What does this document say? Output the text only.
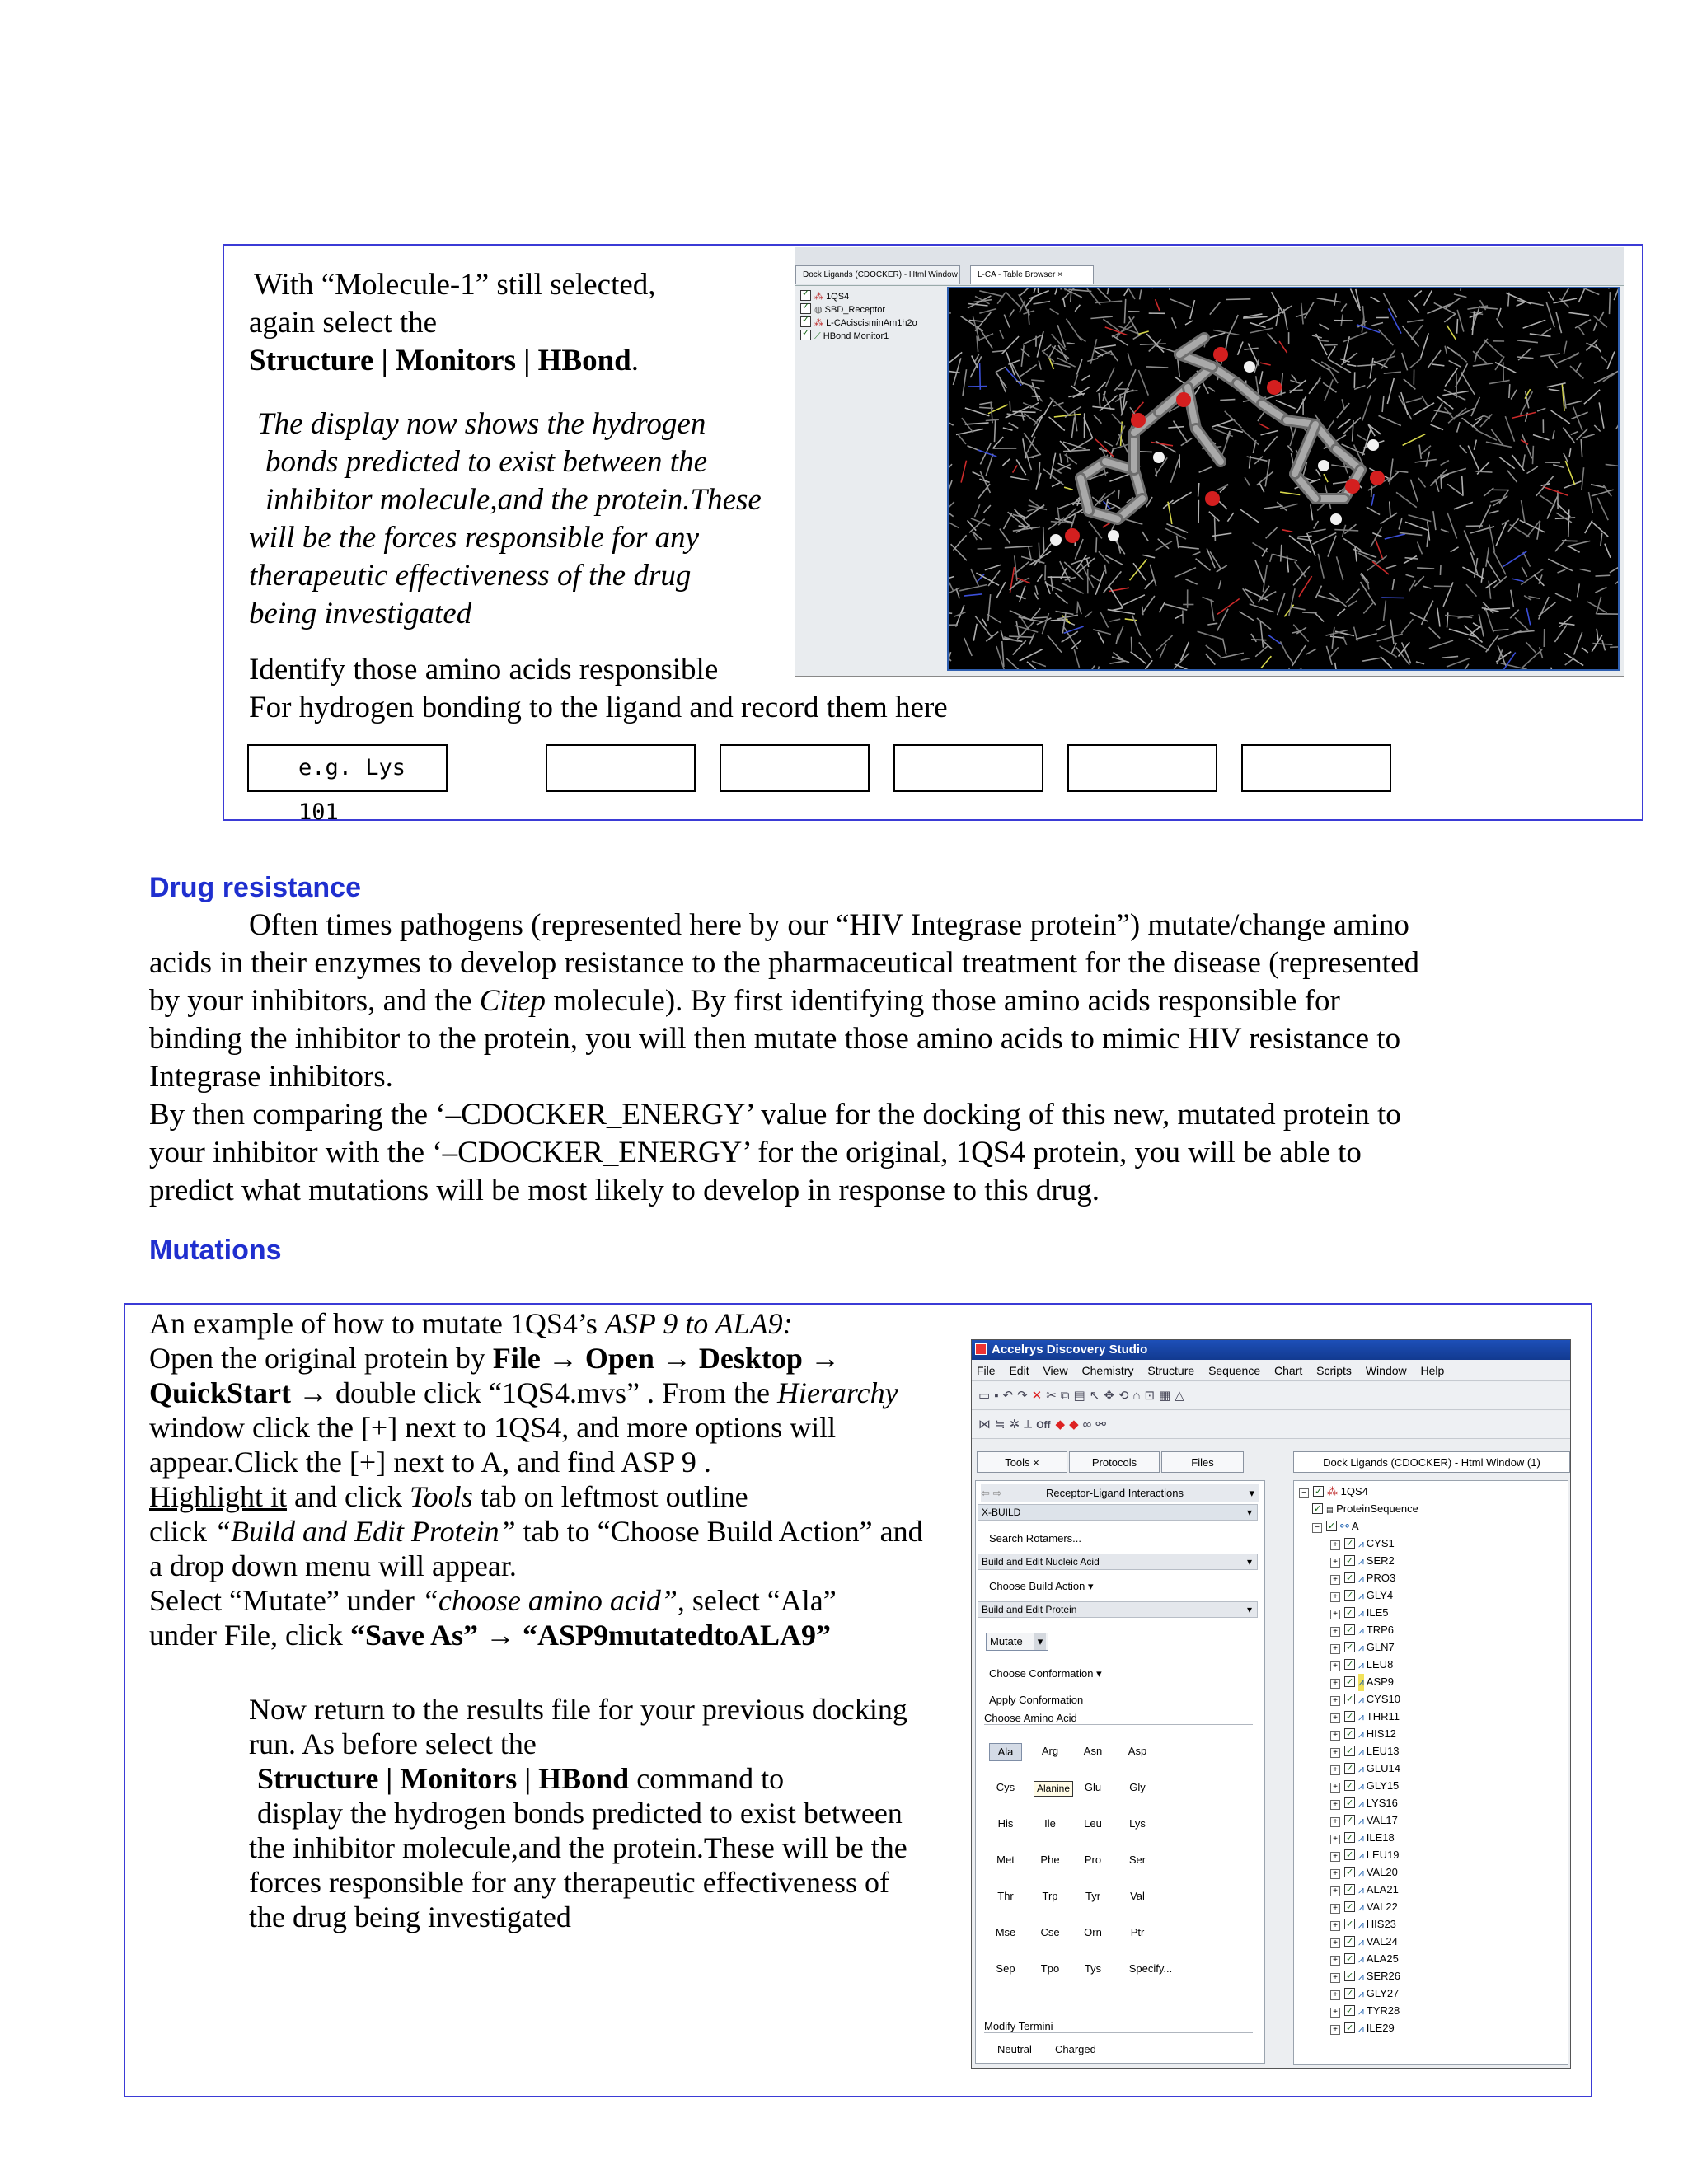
With “Molecule-1” still selected,
again select the
Structure | Monitors | HBond.
The display now shows the hydrogen
bonds predicted to exist between the
inhibitor molecule,and the protein.These
will be the forces responsible for any
therapeutic effectiveness of the drug
being investigated
Identify those amino acids responsible
For hydrogen bonding to the ligand and record them here
e.g. Lys 101
Dock Ligands (CDOCKER) - Html Window	L-CA - Table Browser ×
✓⁂ 1QS4
✓◍ SBD_Receptor
✓⁂ L-CAciscisminAm1h2o
✓⟋ HBond Monitor1
Drug resistance
Often times pathogens (represented here by our “HIV Integrase protein”) mutate/change amino
acids in their enzymes to develop resistance to the pharmaceutical treatment for the disease (represented
by your inhibitors, and the Citep molecule). By first identifying those amino acids responsible for
binding the inhibitor to the protein, you will then mutate those amino acids to mimic HIV resistance to
Integrase inhibitors.
By then comparing the ‘–CDOCKER_ENERGY’ value for the docking of this new, mutated protein to
your inhibitor with the ‘–CDOCKER_ENERGY’ for the original, 1QS4 protein, you will be able to
predict what mutations will be most likely to develop in response to this drug.
Mutations
An example of how to mutate 1QS4’s ASP 9 to ALA9:
Open the original protein by File → Open → Desktop →
QuickStart → double click “1QS4.mvs” . From the Hierarchy
window click the [+] next to 1QS4, and more options will
appear.Click the [+] next to A, and find ASP 9 .
Highlight it and click Tools tab on leftmost outline
click “Build and Edit Protein” tab to “Choose Build Action” and
a drop down menu will appear.
Select “Mutate” under “choose amino acid”, select “Ala”
under File, click “Save As” → “ASP9mutatedtoALA9”
Now return to the results file for your previous docking
run. As before select the
Structure | Monitors | HBond command to
display the hydrogen bonds predicted to exist between
the inhibitor molecule,and the protein.These will be the
forces responsible for any therapeutic effectiveness of
the drug being investigated
Accelrys Discovery Studio
File Edit View Chemistry Structure Sequence Chart Scripts Window Help
▭▪↶↷✕✂⧉▤↖✥⟲⌂⊡▦△
⋈≒✲⟂Off ◆◆∞⚯
Tools ×	Protocols	Files	Dock Ligands (CDOCKER) - Html Window (1)
⇦ ⇨	Receptor-Ligand Interactions	▾
X-BUILD ▾
Search Rotamers...
Build and Edit Nucleic Acid ▾
Choose Build Action ▾
Build and Edit Protein ▾
Mutate ▾
Choose Conformation ▾
Apply Conformation
Choose Amino Acid
Ala	Arg	Asn	Asp
Cys	Glu	Gly
His	Ile	Leu	Lys
Met	Phe	Pro	Ser
Thr	Trp	Tyr	Val
Mse	Cse	Orn	Ptr
Sep	Tpo	Tys	Specify...
Alanine
Modify Termini
Neutral Charged
− ✓ ⁂ 1QS4
✓▤ ProteinSequence
− ✓ ⚯ A
+ ✓ ⩘ CYS1
+ ✓ ⩘ SER2
+ ✓ ⩘ PRO3
+ ✓ ⩘ GLY4
+ ✓ ⩘ ILE5
+ ✓ ⩘ TRP6
+ ✓ ⩘ GLN7
+ ✓ ⩘ LEU8
+ ✓ ⩘ ASP9
+ ✓ ⩘ CYS10
+ ✓ ⩘ THR11
+ ✓ ⩘ HIS12
+ ✓ ⩘ LEU13
+ ✓ ⩘ GLU14
+ ✓ ⩘ GLY15
+ ✓ ⩘ LYS16
+ ✓ ⩘ VAL17
+ ✓ ⩘ ILE18
+ ✓ ⩘ LEU19
+ ✓ ⩘ VAL20
+ ✓ ⩘ ALA21
+ ✓ ⩘ VAL22
+ ✓ ⩘ HIS23
+ ✓ ⩘ VAL24
+ ✓ ⩘ ALA25
+ ✓ ⩘ SER26
+ ✓ ⩘ GLY27
+ ✓ ⩘ TYR28
+ ✓ ⩘ ILE29
